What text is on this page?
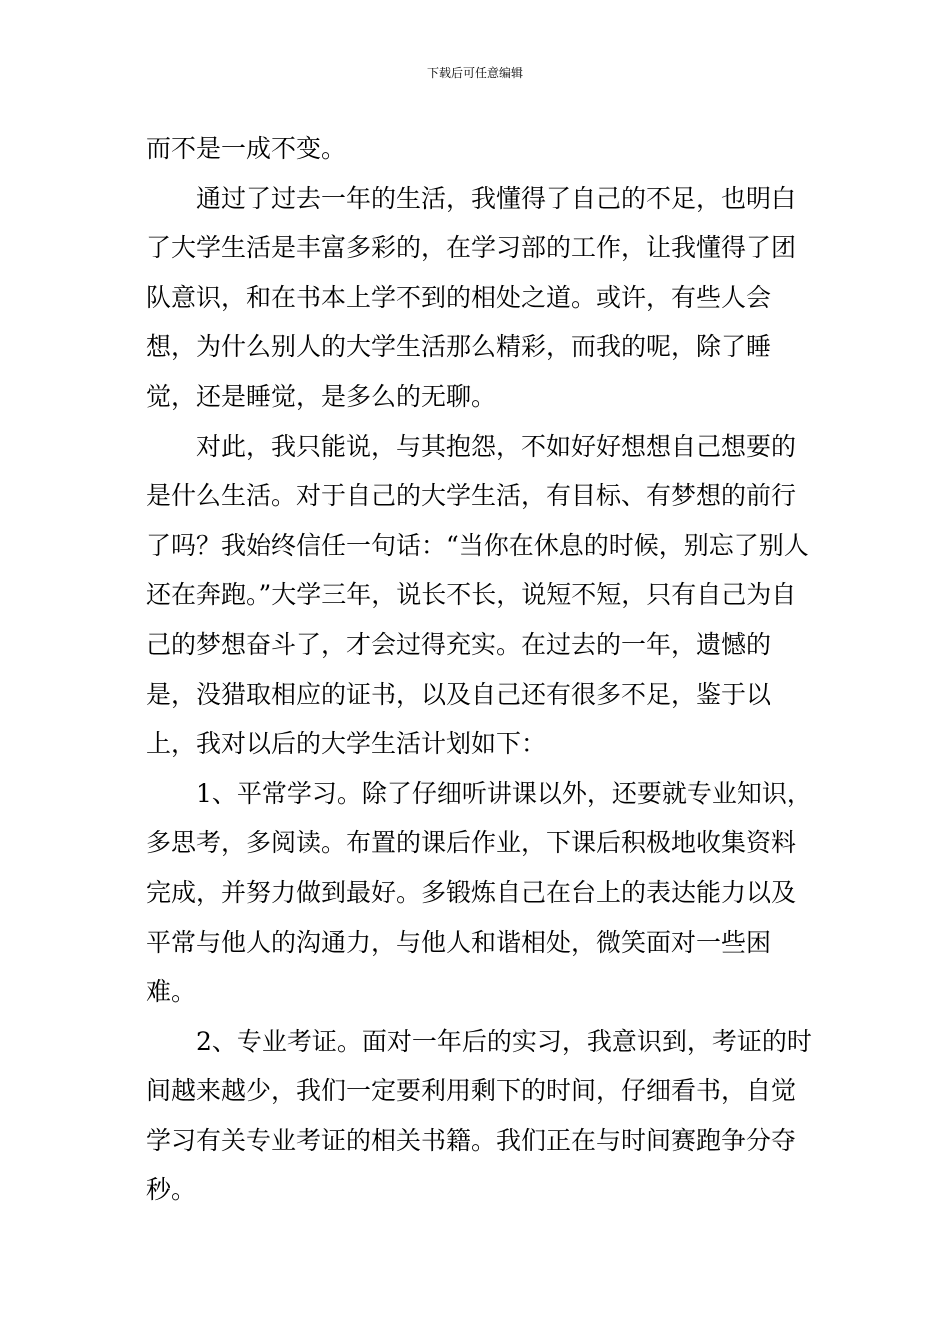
下载后可任意编辑

而不是一成不变。

通过了过去一年的生活，我懂得了自己的不足，也明白了大学生活是丰富多彩的，在学习部的工作，让我懂得了团队意识，和在书本上学不到的相处之道。或许，有些人会想，为什么别人的大学生活那么精彩，而我的呢，除了睡觉，还是睡觉，是多么的无聊。

对此，我只能说，与其抱怨，不如好好想想自己想要的是什么生活。对于自己的大学生活，有目标、有梦想的前行了吗？我始终信任一句话：“当你在休息的时候，别忘了别人还在奔跑。”大学三年，说长不长，说短不短，只有自己为自己的梦想奋斗了，才会过得充实。在过去的一年，遗憾的是，没猎取相应的证书，以及自己还有很多不足，鉴于以上，我对以后的大学生活计划如下：

1、平常学习。除了仔细听讲课以外，还要就专业知识，多思考，多阅读。布置的课后作业，下课后积极地收集资料完成，并努力做到最好。多锻炼自己在台上的表达能力以及平常与他人的沟通力，与他人和谐相处，微笑面对一些困难。

2、专业考证。面对一年后的实习，我意识到，考证的时间越来越少，我们一定要利用剩下的时间，仔细看书，自觉学习有关专业考证的相关书籍。我们正在与时间赛跑争分夺秒。
